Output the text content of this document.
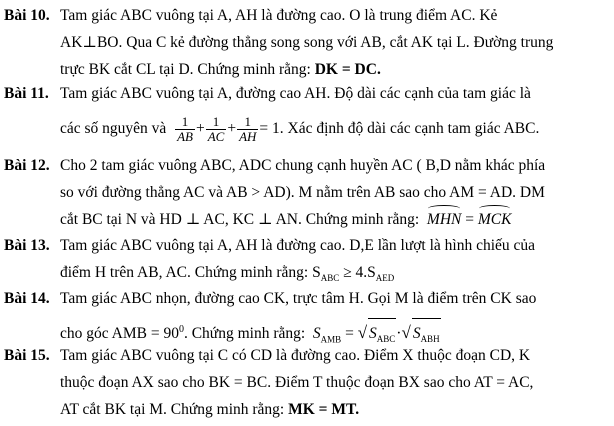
Bài 10. Tam giác ABC vuông tại A, AH là đường cao. O là trung điểm AC. Kẻ
AK⊥BO. Qua C kẻ đường thẳng song song với AB, cắt AK tại L. Đường trung
trực BK cắt CL tại D. Chứng minh rằng: DK = DC.
Bài 11. Tam giác ABC vuông tại A, đường cao AH. Độ dài các cạnh của tam giác là
các số nguyên và $\frac{1}{AB} + \frac{1}{AC} + \frac{1}{AH} = 1$. Xác định độ dài các cạnh tam giác ABC.
Bài 12. Cho 2 tam giác vuông ABC, ADC chung cạnh huyền AC ( B,D nằm khác phía
so với đường thẳng AC và AB > AD). M nằm trên AB sao cho AM = AD. DM
cắt BC tại N và HD ⊥ AC, KC ⊥ AN. Chứng minh rằng: MHN = MCK
Bài 13. Tam giác ABC vuông tại A, AH là đường cao. D,E lần lượt là hình chiếu của
điểm H trên AB, AC. Chứng minh rằng: $S_{ABC} \ge 4.S_{AED}$
Bài 14. Tam giác ABC nhọn, đường cao CK, trực tâm H. Gọi M là điểm trên CK sao
cho góc AMB = $90^0$. Chứng minh rằng: $S_{AMB}$ = √ $S_{ABC}\cdot√$ $S_{ABH}$
Bài 15. Tam giác ABC vuông tại C có CD là đường cao. Điểm X thuộc đoạn CD, K
thuộc đoạn AX sao cho BK = BC. Điểm T thuộc đoạn BX sao cho AT = AC,
AT cắt BK tại M. Chứng minh rằng: MK = MT.
